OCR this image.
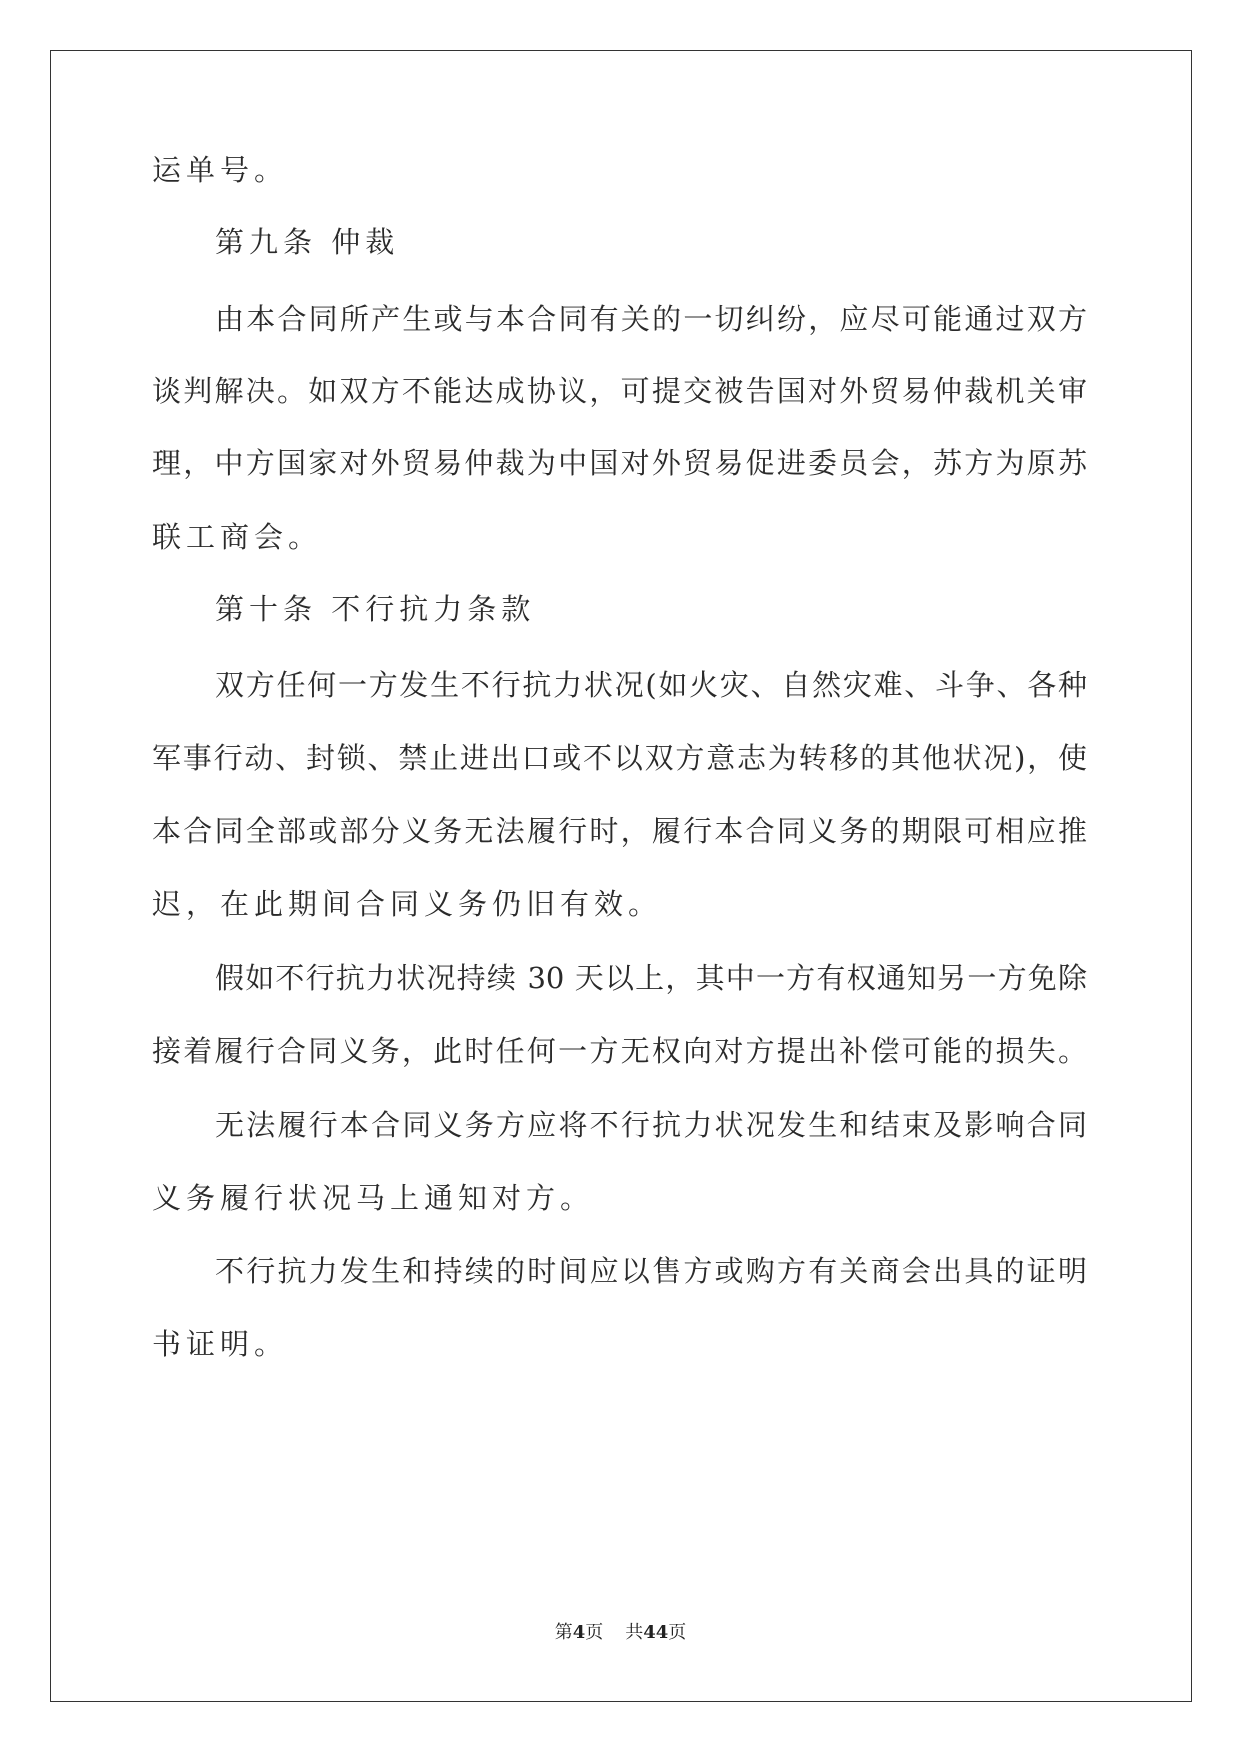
运单号。
第九条 仲裁
由本合同所产生或与本合同有关的一切纠纷，应尽可能通过双方
谈判解决。如双方不能达成协议，可提交被告国对外贸易仲裁机关审
理，中方国家对外贸易仲裁为中国对外贸易促进委员会，苏方为原苏
联工商会。
第十条 不行抗力条款
双方任何一方发生不行抗力状况(如火灾、自然灾难、斗争、各种
军事行动、封锁、禁止进出口或不以双方意志为转移的其他状况)，使
本合同全部或部分义务无法履行时，履行本合同义务的期限可相应推
迟，在此期间合同义务仍旧有效。
假如不行抗力状况持续 30 天以上，其中一方有权通知另一方免除
接着履行合同义务，此时任何一方无权向对方提出补偿可能的损失。
无法履行本合同义务方应将不行抗力状况发生和结束及影响合同
义务履行状况马上通知对方。
不行抗力发生和持续的时间应以售方或购方有关商会出具的证明
书证明。
第4页 共44页
